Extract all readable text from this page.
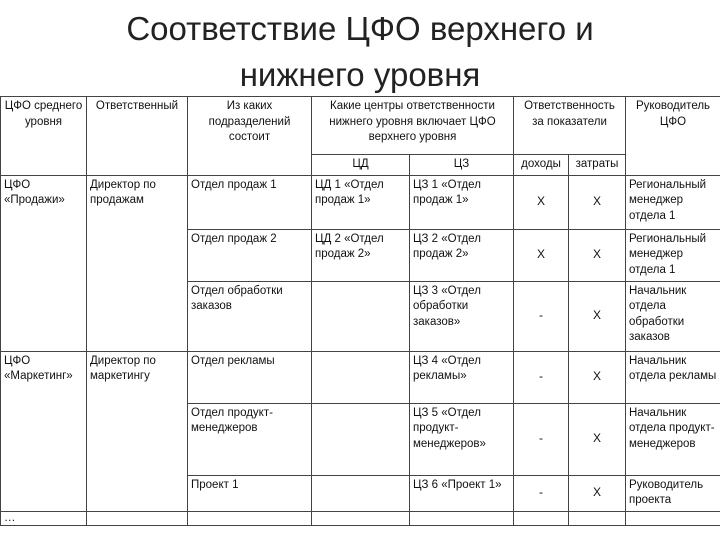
Соответствие ЦФО верхнего и
нижнего уровня
ЦФО среднего уровня	Ответственный	Из каких подразделений состоит	Какие центры ответственности нижнего уровня включает ЦФО верхнего уровня		Ответственность за показатели		Руководитель ЦФО
			ЦД	ЦЗ	доходы	затраты	
ЦФО «Продажи»	Директор по продажам	Отдел продаж 1	ЦД 1 «Отдел продаж 1»	ЦЗ 1 «Отдел продаж 1»	Х	Х	Региональный менеджер отдела 1
		Отдел продаж 2	ЦД 2 «Отдел продаж 2»	ЦЗ 2 «Отдел продаж 2»	Х	Х	Региональный менеджер отдела 1
		Отдел обработки заказов		ЦЗ 3 «Отдел обработки заказов»	-	Х	Начальник отдела обработки заказов
ЦФО «Маркетинг»	Директор по маркетингу	Отдел рекламы		ЦЗ 4 «Отдел рекламы»	-	Х	Начальник отдела рекламы
		Отдел продукт-менеджеров		ЦЗ 5 «Отдел продукт-менеджеров»	-	Х	Начальник отдела продукт-менеджеров
		Проект 1		ЦЗ 6 «Проект 1»	-	Х	Руководитель проекта
…							
